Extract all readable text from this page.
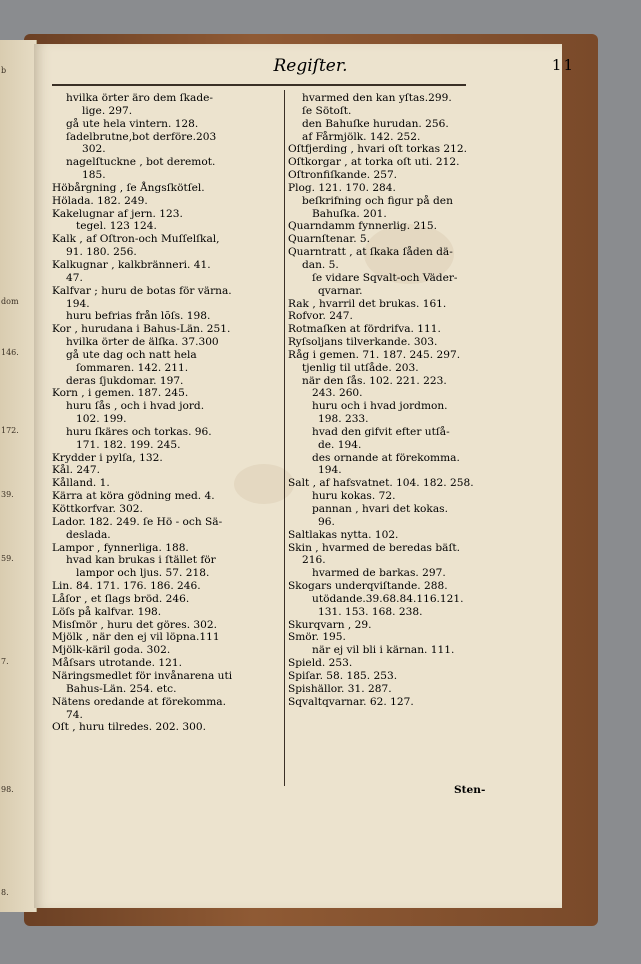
b
dom
146.
172.
39.
59.
7.
98.
8.
Regiſter.	11
hvilka örter äro dem ſkade-
lige. 297.
gå ute hela vintern. 128.
ſadelbrutne,bot derföre.203
302.
nagelſtuckne , bot deremot.
185.
Höbårgning , ſe Ångsſkötſel.
Hölada. 182. 249.
Kakelugnar af jern. 123.
tegel. 123 124.
Kalk , af Oſtron-och Muſſelſkal,
91. 180. 256.
Kalkugnar , kalkbränneri. 41.
47.
Kalfvar ; huru de botas för värna.
194.
huru befrias från lõſs. 198.
Kor , hurudana i Bahus-Län. 251.
hvilka örter de älſka. 37.300
gå ute dag och natt hela
ſommaren. 142. 211.
deras ſjukdomar. 197.
Korn , i gemen. 187. 245.
huru ſås , och i hvad jord.
102. 199.
huru ſkäres och torkas. 96.
171. 182. 199. 245.
Krydder i pylſa, 132.
Kål. 247.
Kålland. 1.
Kärra at köra gödning med. 4.
Köttkorfvar. 302.
Lador. 182. 249. ſe Hö - och Sä-
deslada.
Lampor , fynnerliga. 188.
hvad kan brukas i ſtället för
lampor och ljus. 57. 218.
Lin. 84. 171. 176. 186. 246.
Låſor , et ſlags bröd. 246.
Löſs på kalfvar. 198.
Misſmör , huru det göres. 302.
Mjölk , när den ej vil löpna.111
Mjölk-käril goda. 302.
Måſsars utrotande. 121.
Näringsmedlet för invånarena uti
Bahus-Län. 254. etc.
Nätens oredande at förekomma.
74.
Oſt , huru tilredes. 202. 300.
hvarmed den kan yſtas.299.
ſe Sötoſt.
den Bahuſke hurudan. 256.
af Fårmjölk. 142. 252.
Oſtfjerding , hvari oſt torkas 212.
Oſtkorgar , at torka oſt uti. 212.
Oſtronfiſkande. 257.
Plog. 121. 170. 284.
beſkrifning och figur på den
Bahuſka. 201.
Quarndamm fynnerlig. 215.
Quarnſtenar. 5.
Quarntratt , at ſkaka ſåden dä-
dan. 5.
ſe vidare Sqvalt-och Väder-
qvarnar.
Rak , hvarril det brukas. 161.
Rofvor. 247.
Rotmaſken at fördrifva. 111.
Ryſsoljans tilverkande. 303.
Råg i gemen. 71. 187. 245. 297.
tjenlig til utſåde. 203.
när den ſås. 102. 221. 223.
243. 260.
huru och i hvad jordmon.
198. 233.
hvad den gifvit efter utſå-
de. 194.
des ornande at förekomma.
194.
Salt , af hafsvatnet. 104. 182. 258.
huru kokas. 72.
pannan , hvari det kokas.
96.
Saltlakas nytta. 102.
Skin , hvarmed de beredas bäſt.
216.
hvarmed de barkas. 297.
Skogars underqviſtande. 288.
utödande.39.68.84.116.121.
131. 153. 168. 238.
Skurqvarn , 29.
Smör. 195.
när ej vil bli i kärnan. 111.
Spield. 253.
Spiſar. 58. 185. 253.
Spishällor. 31. 287.
Sqvaltqvarnar. 62. 127.
Sten-
